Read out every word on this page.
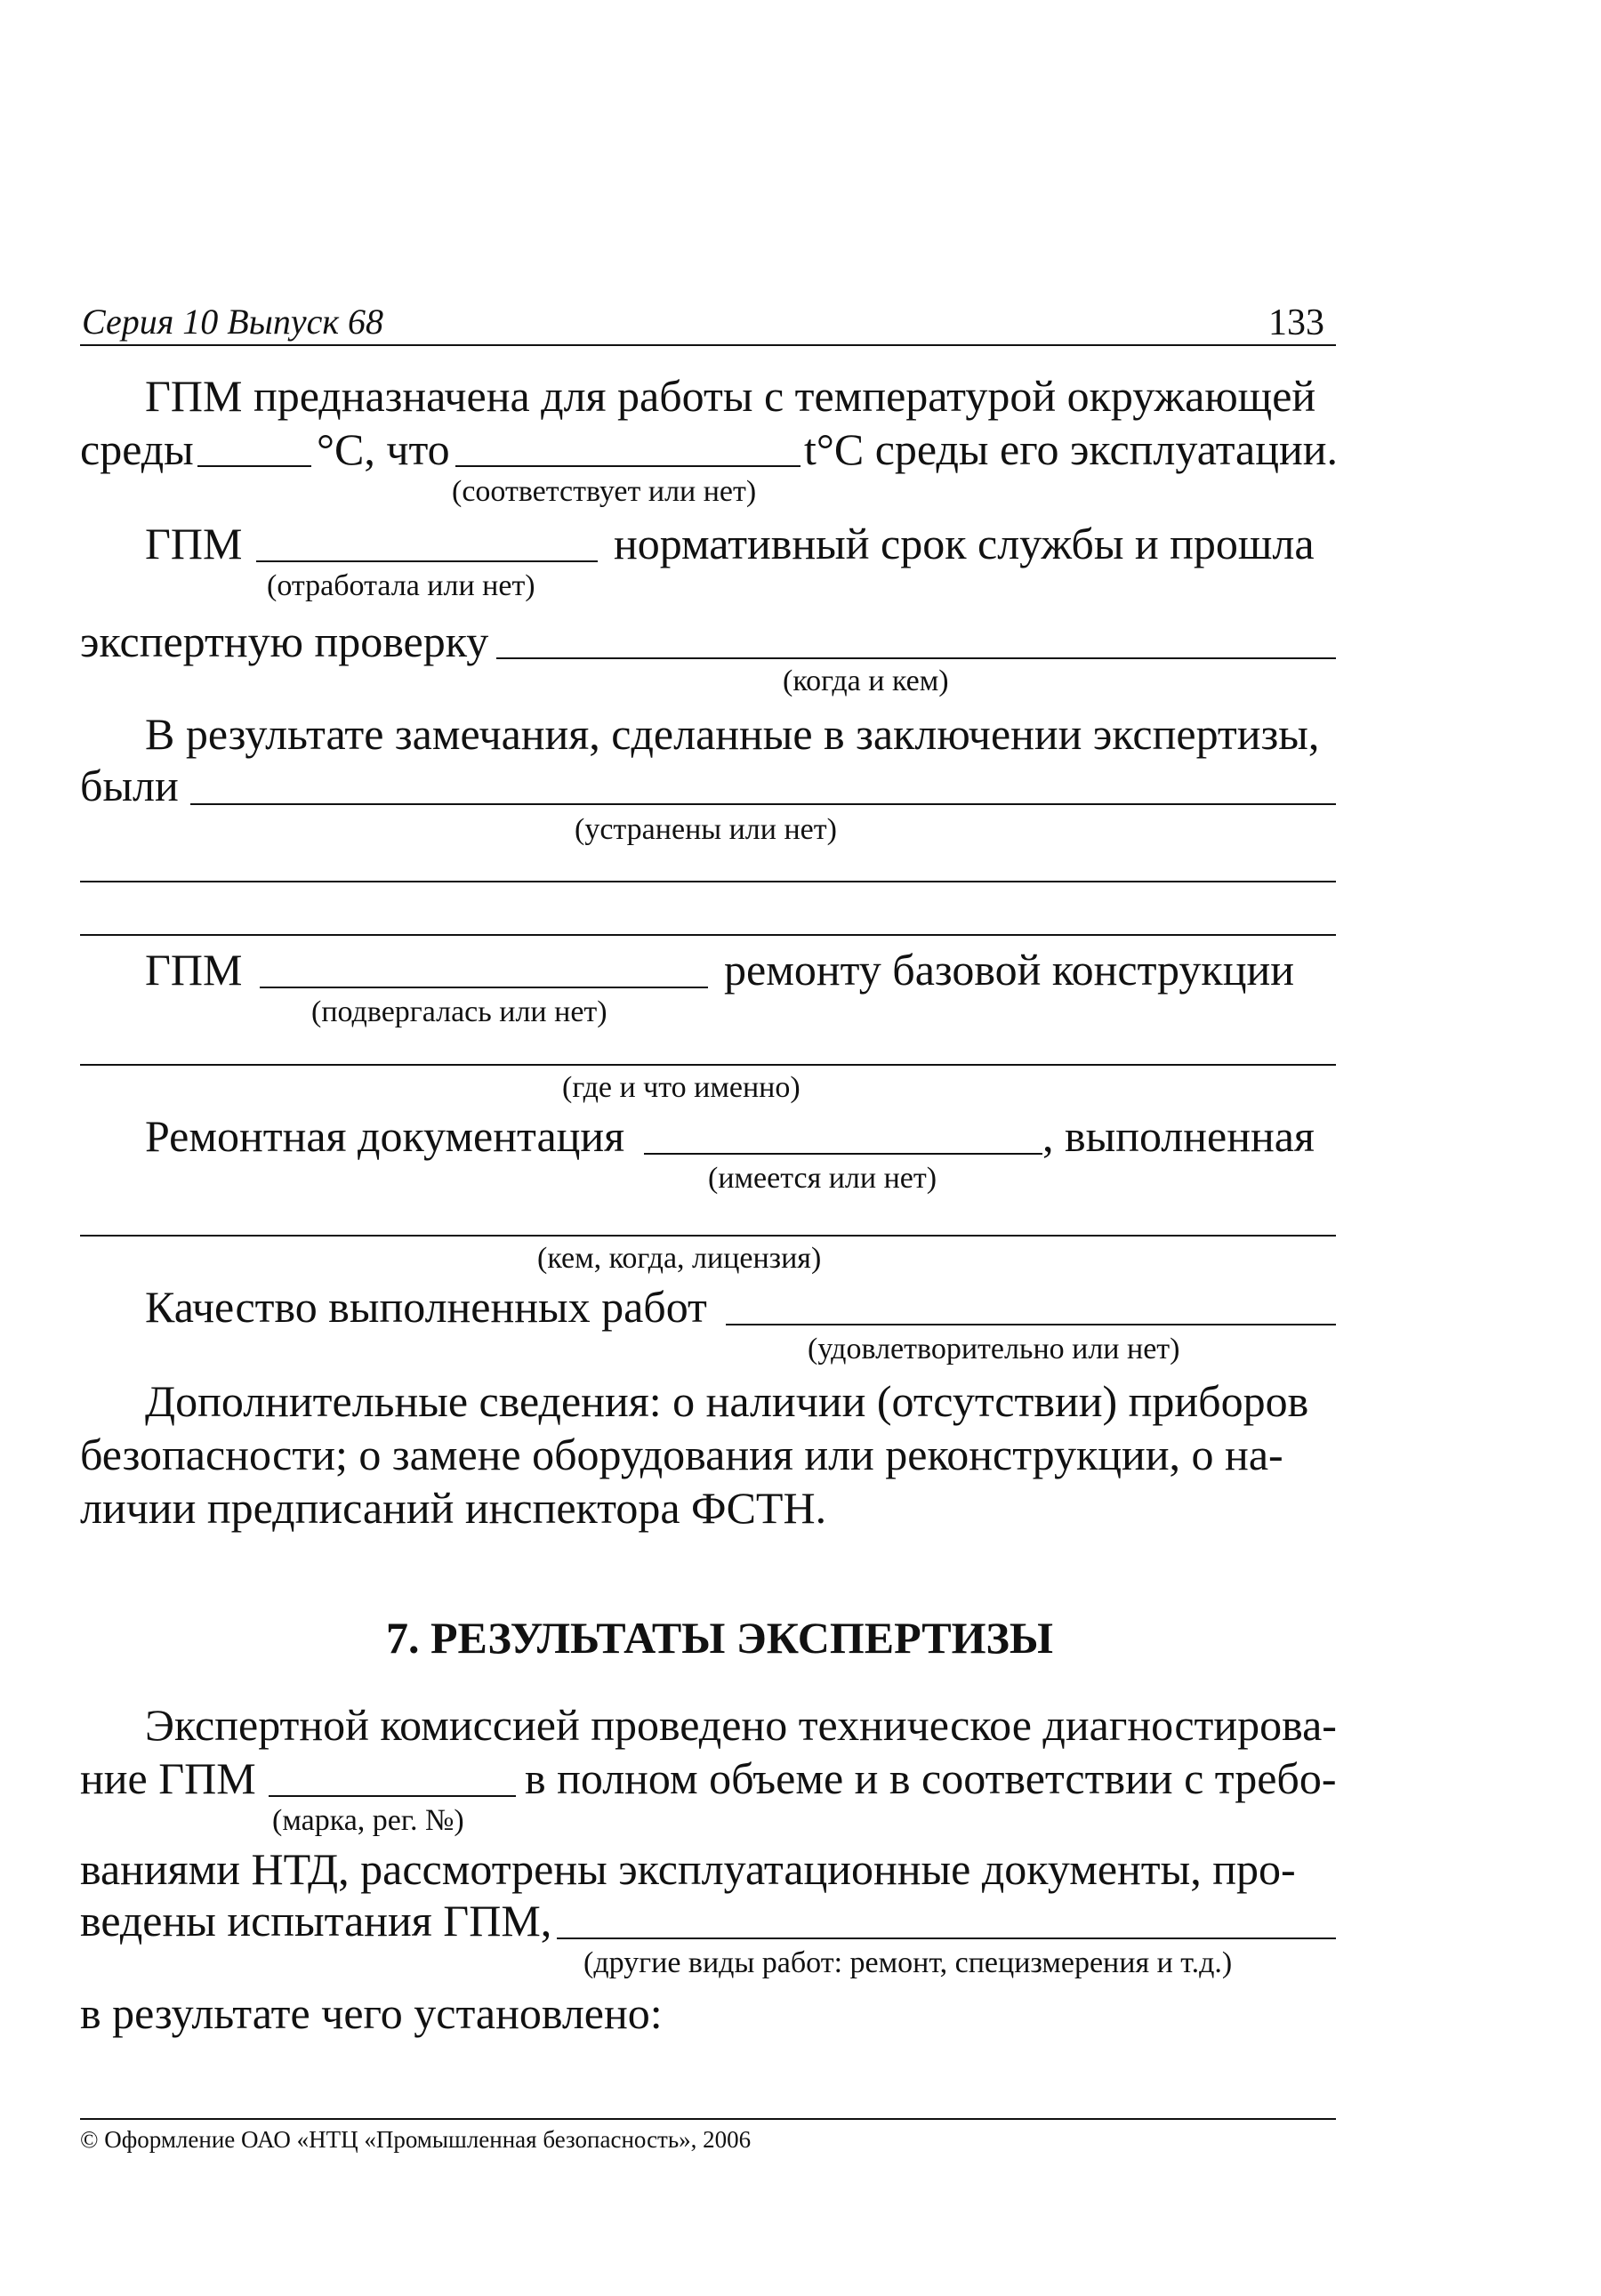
Серия 10 Выпуск 68	133
ГПМ предназначена для работы с температурой окружающей
среды	°С, что	t°C среды его эксплуатации.
(соответствует или нет)
ГПМ	нормативный срок службы и прошла
(отработала или нет)
экспертную проверку
(когда и кем)
В результате замечания, сделанные в заключении экспертизы,
были
(устранены или нет)
ГПМ	ремонту базовой конструкции
(подвергалась или нет)
(где и что именно)
Ремонтная документация	, выполненная
(имеется или нет)
(кем, когда, лицензия)
Качество выполненных работ
(удовлетворительно или нет)
Дополнительные сведения: о наличии (отсутствии) приборов
безопасности; о замене оборудования или реконструкции, о на-
личии предписаний инспектора ФСТН.
7. РЕЗУЛЬТАТЫ ЭКСПЕРТИЗЫ
Экспертной комиссией проведено техническое диагностирова-
ние ГПМ	в полном объеме и в соответствии с требо-
(марка, рег. №)
ваниями НТД, рассмотрены эксплуатационные документы, про-
ведены испытания ГПМ,
(другие виды работ: ремонт, специзмерения и т.д.)
в результате чего установлено:
© Оформление ОАО «НТЦ «Промышленная безопасность», 2006
